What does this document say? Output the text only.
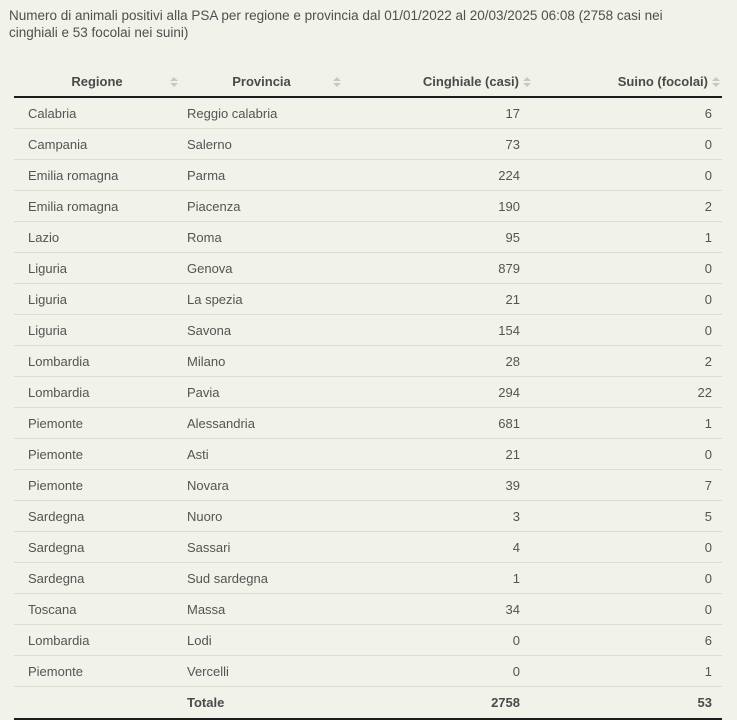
Numero di animali positivi alla PSA per regione e provincia dal 01/01/2022 al 20/03/2025 06:08 (2758 casi nei cinghiali e 53 focolai nei suini)
Regione	Provincia	Cinghiale (casi)	Suino (focolai)

Calabria	Reggio calabria	17	6
Campania	Salerno	73	0
Emilia romagna	Parma	224	0
Emilia romagna	Piacenza	190	2
Lazio	Roma	95	1
Liguria	Genova	879	0
Liguria	La spezia	21	0
Liguria	Savona	154	0
Lombardia	Milano	28	2
Lombardia	Pavia	294	22
Piemonte	Alessandria	681	1
Piemonte	Asti	21	0
Piemonte	Novara	39	7
Sardegna	Nuoro	3	5
Sardegna	Sassari	4	0
Sardegna	Sud sardegna	1	0
Toscana	Massa	34	0
Lombardia	Lodi	0	6
Piemonte	Vercelli	0	1
	Totale	2758	53
